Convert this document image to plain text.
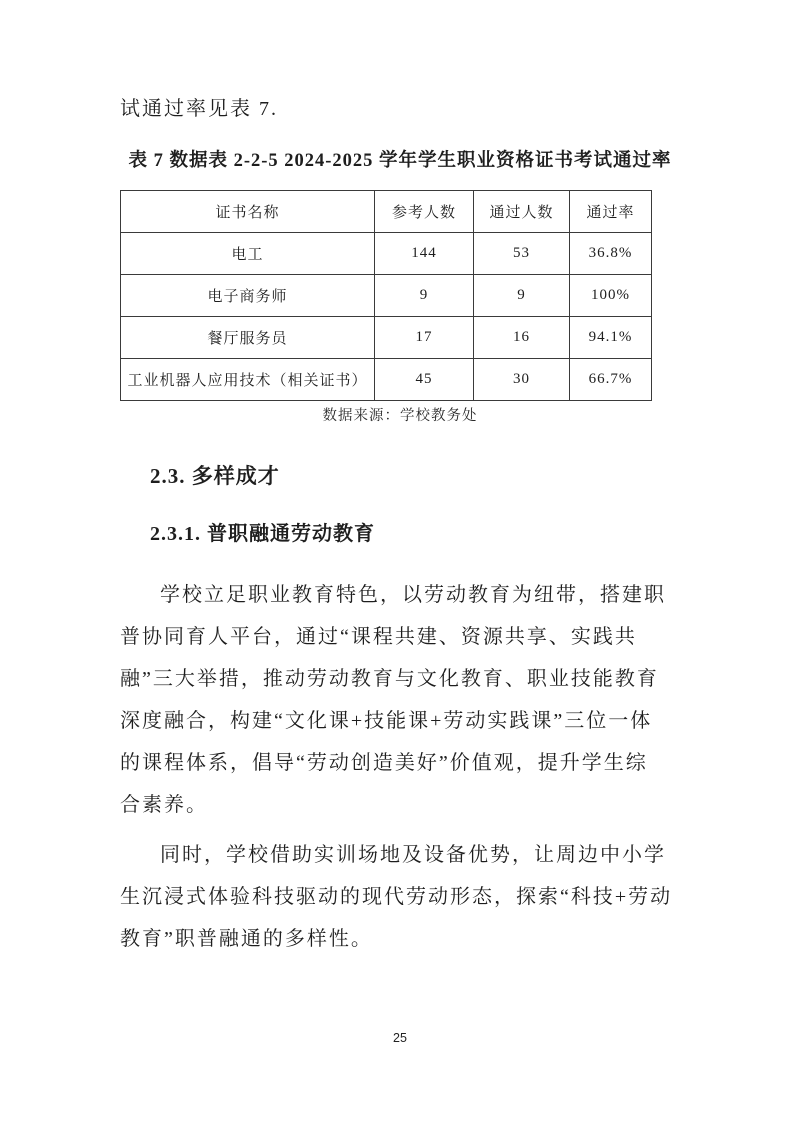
试通过率见表 7.

表 7 数据表 2-2-5 2024-2025 学年学生职业资格证书考试通过率
证书名称	参考人数	通过人数	通过率
电工	144	53	36.8%
电子商务师	9	9	100%
餐厅服务员	17	16	94.1%
工业机器人应用技术（相关证书）	45	30	66.7%
数据来源：学校教务处
2.3. 多样成才
2.3.1. 普职融通劳动教育
学校立足职业教育特色，以劳动教育为纽带，搭建职
普协同育人平台，通过“课程共建、资源共享、实践共
融”三大举措，推动劳动教育与文化教育、职业技能教育
深度融合，构建“文化课+技能课+劳动实践课”三位一体
的课程体系，倡导“劳动创造美好”价值观，提升学生综
合素养。
同时，学校借助实训场地及设备优势，让周边中小学
生沉浸式体验科技驱动的现代劳动形态，探索“科技+劳动
教育”职普融通的多样性。
25
